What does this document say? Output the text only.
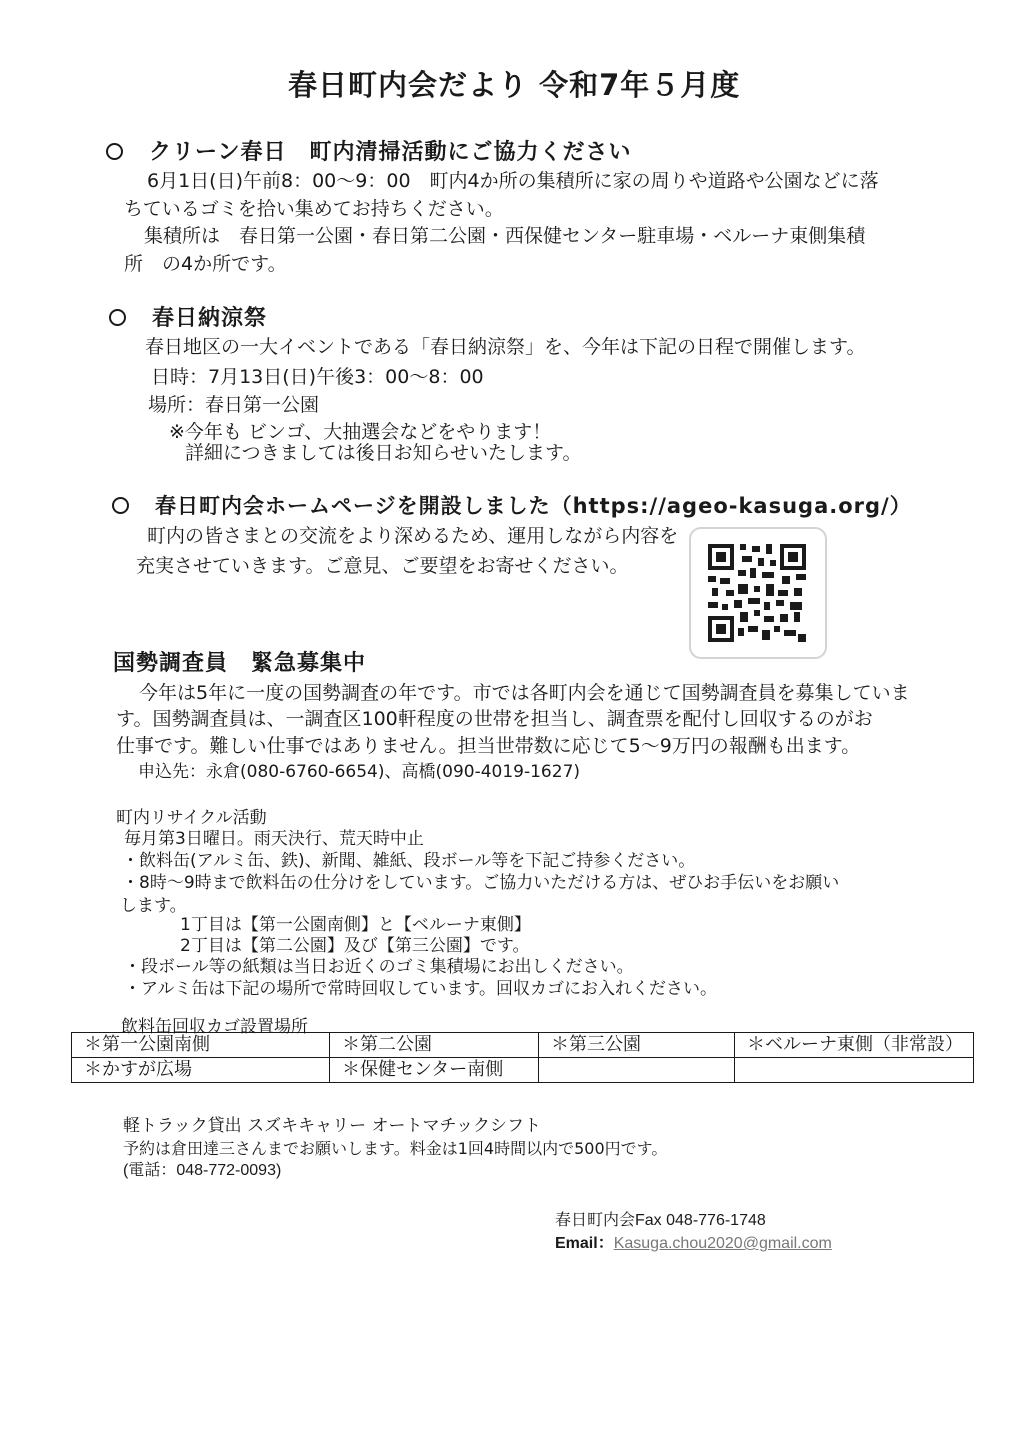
春日町内会だより 令和7年５月度
クリーン春日　町内清掃活動にご協力ください
6月1日(日)午前8：00～9：00　町内4か所の集積所に家の周りや道路や公園などに落
ちているゴミを拾い集めてお持ちください。
集積所は　春日第一公園・春日第二公園・西保健センター駐車場・ベルーナ東側集積
所　の4か所です。
春日納涼祭
春日地区の一大イベントである「春日納涼祭」を、今年は下記の日程で開催します。
日時：7月13日(日)午後3：00～8：00
場所：春日第一公園
※今年も ビンゴ、大抽選会などをやります！
詳細につきましては後日お知らせいたします。
春日町内会ホームページを開設しました（https://ageo-kasuga.org/）
町内の皆さまとの交流をより深めるため、運用しながら内容を
充実させていきます。ご意見、ご要望をお寄せください。
国勢調査員　緊急募集中
今年は5年に一度の国勢調査の年です。市では各町内会を通じて国勢調査員を募集していま
す。国勢調査員は、一調査区100軒程度の世帯を担当し、調査票を配付し回収するのがお
仕事です。難しい仕事ではありません。担当世帯数に応じて5～9万円の報酬も出ます。
申込先：永倉(080-6760-6654)、高橋(090-4019-1627)
町内リサイクル活動
毎月第3日曜日。雨天決行、荒天時中止
・飲料缶(アルミ缶、鉄)、新聞、雑紙、段ボール等を下記ご持参ください。
・8時～9時まで飲料缶の仕分けをしています。ご協力いただける方は、ぜひお手伝いをお願い
します。
1丁目は【第一公園南側】と【ベルーナ東側】
2丁目は【第二公園】及び【第三公園】です。
・段ボール等の紙類は当日お近くのゴミ集積場にお出しください。
・アルミ缶は下記の場所で常時回収しています。回収カゴにお入れください。
飲料缶回収カゴ設置場所
＊第一公園南側	＊第二公園	＊第三公園	＊ベルーナ東側（非常設）
＊かすが広場	＊保健センター南側		
軽トラック貸出 スズキキャリー オートマチックシフト
予約は倉田達三さんまでお願いします。料金は1回4時間以内で500円です。
(電話：048-772-0093)
春日町内会Fax 048-776-1748
Email：Kasuga.chou2020@gmail.com
